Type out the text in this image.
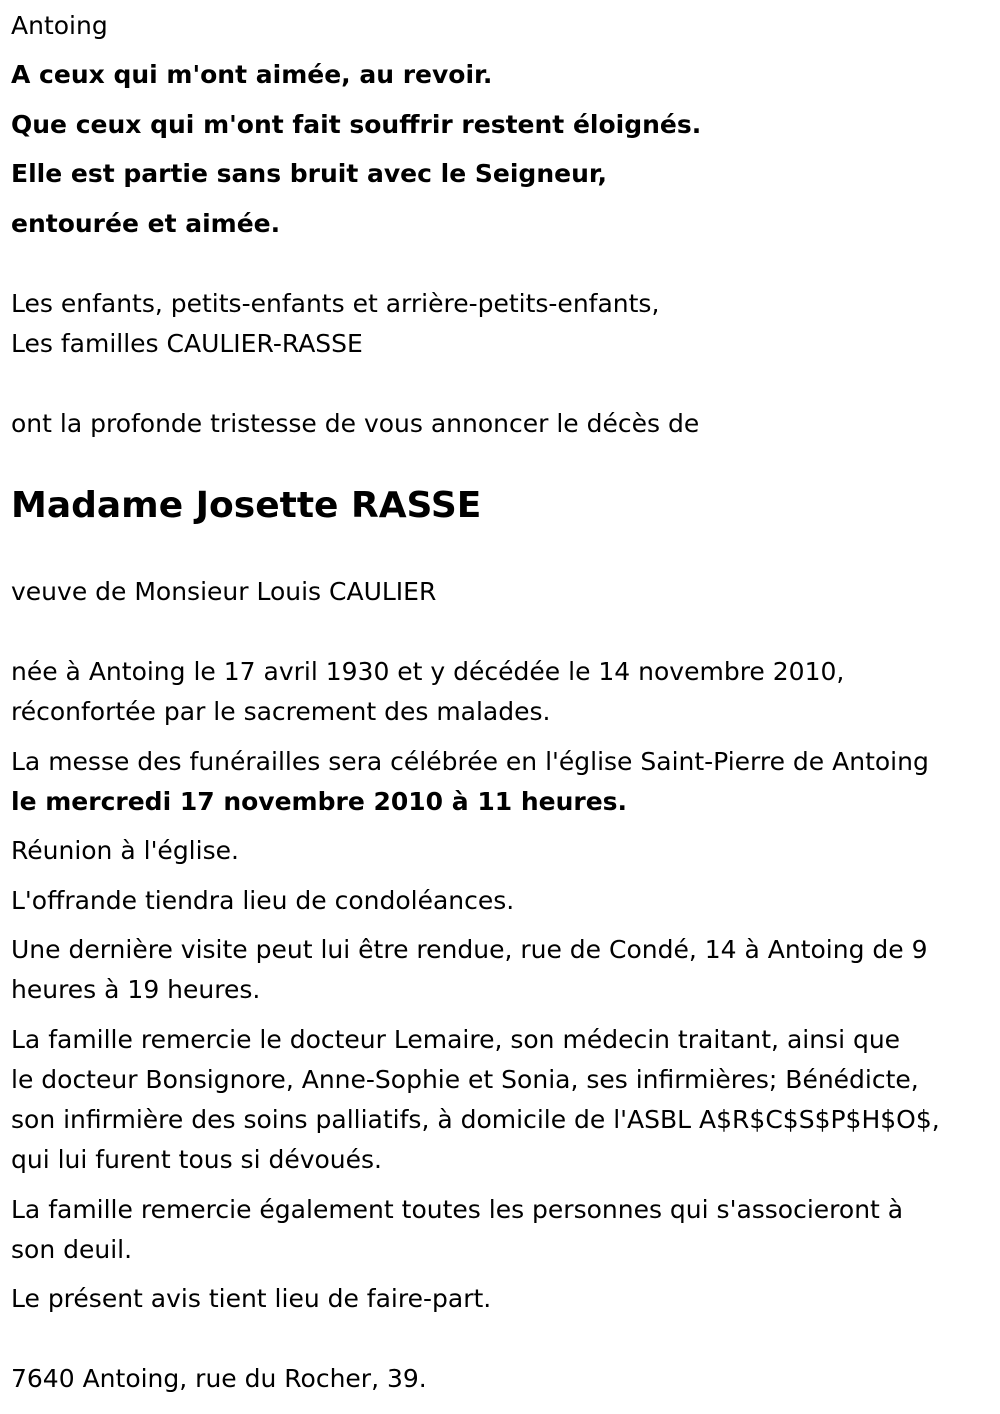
Antoing

A ceux qui m'ont aimée, au revoir.

Que ceux qui m'ont fait souffrir restent éloignés.

Elle est partie sans bruit avec le Seigneur,

entourée et aimée.

Les enfants, petits-enfants et arrière-petits-enfants,

Les familles CAULIER-RASSE

ont la profonde tristesse de vous annoncer le décès de

Madame Josette RASSE

veuve de Monsieur Louis CAULIER

née à Antoing le 17 avril 1930 et y décédée le 14 novembre 2010,

réconfortée par le sacrement des malades.

La messe des funérailles sera célébrée en l'église Saint-Pierre de Antoing

le mercredi 17 novembre 2010 à 11 heures.

Réunion à l'église.

L'offrande tiendra lieu de condoléances.

Une dernière visite peut lui être rendue, rue de Condé, 14 à Antoing de 9

heures à 19 heures.

La famille remercie le docteur Lemaire, son médecin traitant, ainsi que

le docteur Bonsignore, Anne-Sophie et Sonia, ses infirmières; Bénédicte,

son infirmière des soins palliatifs, à domicile de l'ASBL A$R$C$S$P$H$O$,

qui lui furent tous si dévoués.

La famille remercie également toutes les personnes qui s'associeront à

son deuil.

Le présent avis tient lieu de faire-part.

7640 Antoing, rue du Rocher, 39.
